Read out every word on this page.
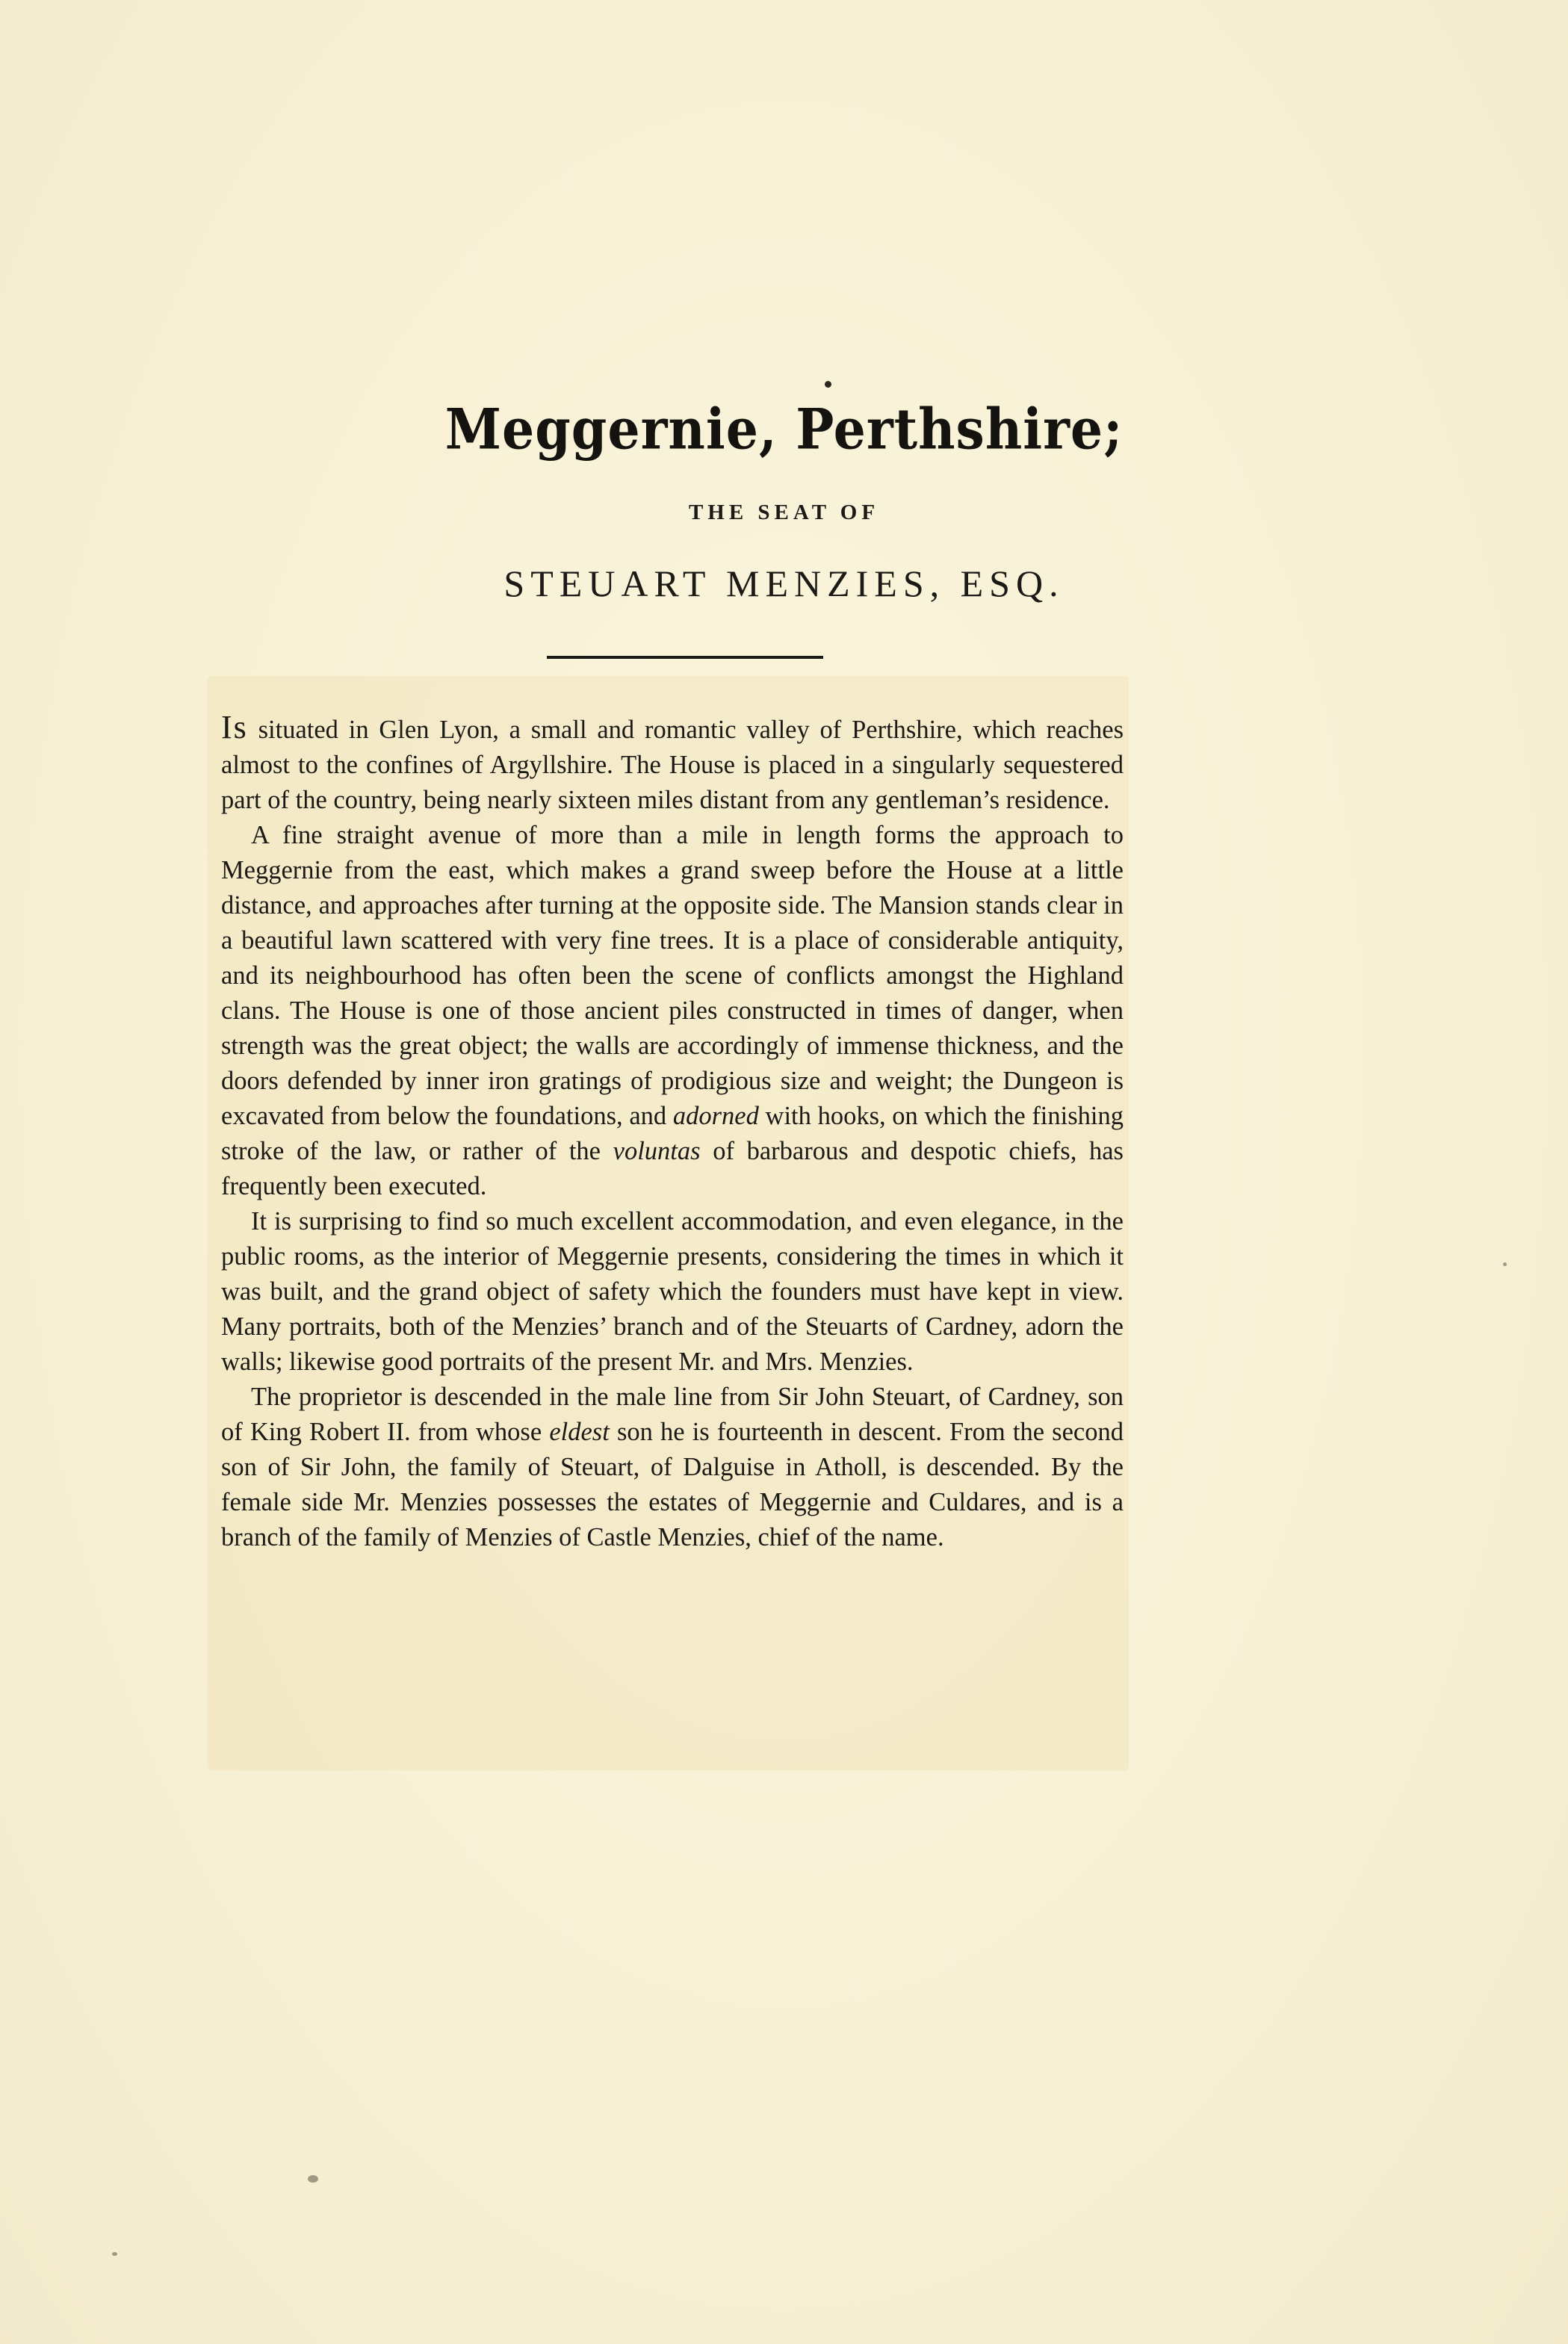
Meggernie, Perthshire;
THE SEAT OF
STEUART MENZIES, ESQ.

Is situated in Glen Lyon, a small and romantic valley of Perthshire, which reaches almost to the confines of Argyllshire. The House is placed in a singularly sequestered part of the country, being nearly sixteen miles distant from any gentleman’s residence.

A fine straight avenue of more than a mile in length forms the approach to Meggernie from the east, which makes a grand sweep before the House at a little distance, and approaches after turning at the opposite side. The Mansion stands clear in a beautiful lawn scattered with very fine trees. It is a place of considerable antiquity, and its neighbourhood has often been the scene of conflicts amongst the Highland clans. The House is one of those ancient piles constructed in times of danger, when strength was the great object; the walls are accordingly of immense thickness, and the doors defended by inner iron gratings of prodigious size and weight; the Dungeon is excavated from below the foundations, and adorned with hooks, on which the finishing stroke of the law, or rather of the voluntas of barbarous and despotic chiefs, has frequently been executed.

It is surprising to find so much excellent accommodation, and even elegance, in the public rooms, as the interior of Meggernie presents, considering the times in which it was built, and the grand object of safety which the founders must have kept in view. Many portraits, both of the Menzies’ branch and of the Steuarts of Cardney, adorn the walls; likewise good portraits of the present Mr. and Mrs. Menzies.

The proprietor is descended in the male line from Sir John Steuart, of Cardney, son of King Robert II. from whose eldest son he is fourteenth in descent. From the second son of Sir John, the family of Steuart, of Dalguise in Atholl, is descended. By the female side Mr. Menzies possesses the estates of Meggernie and Culdares, and is a branch of the family of Menzies of Castle Menzies, chief of the name.
